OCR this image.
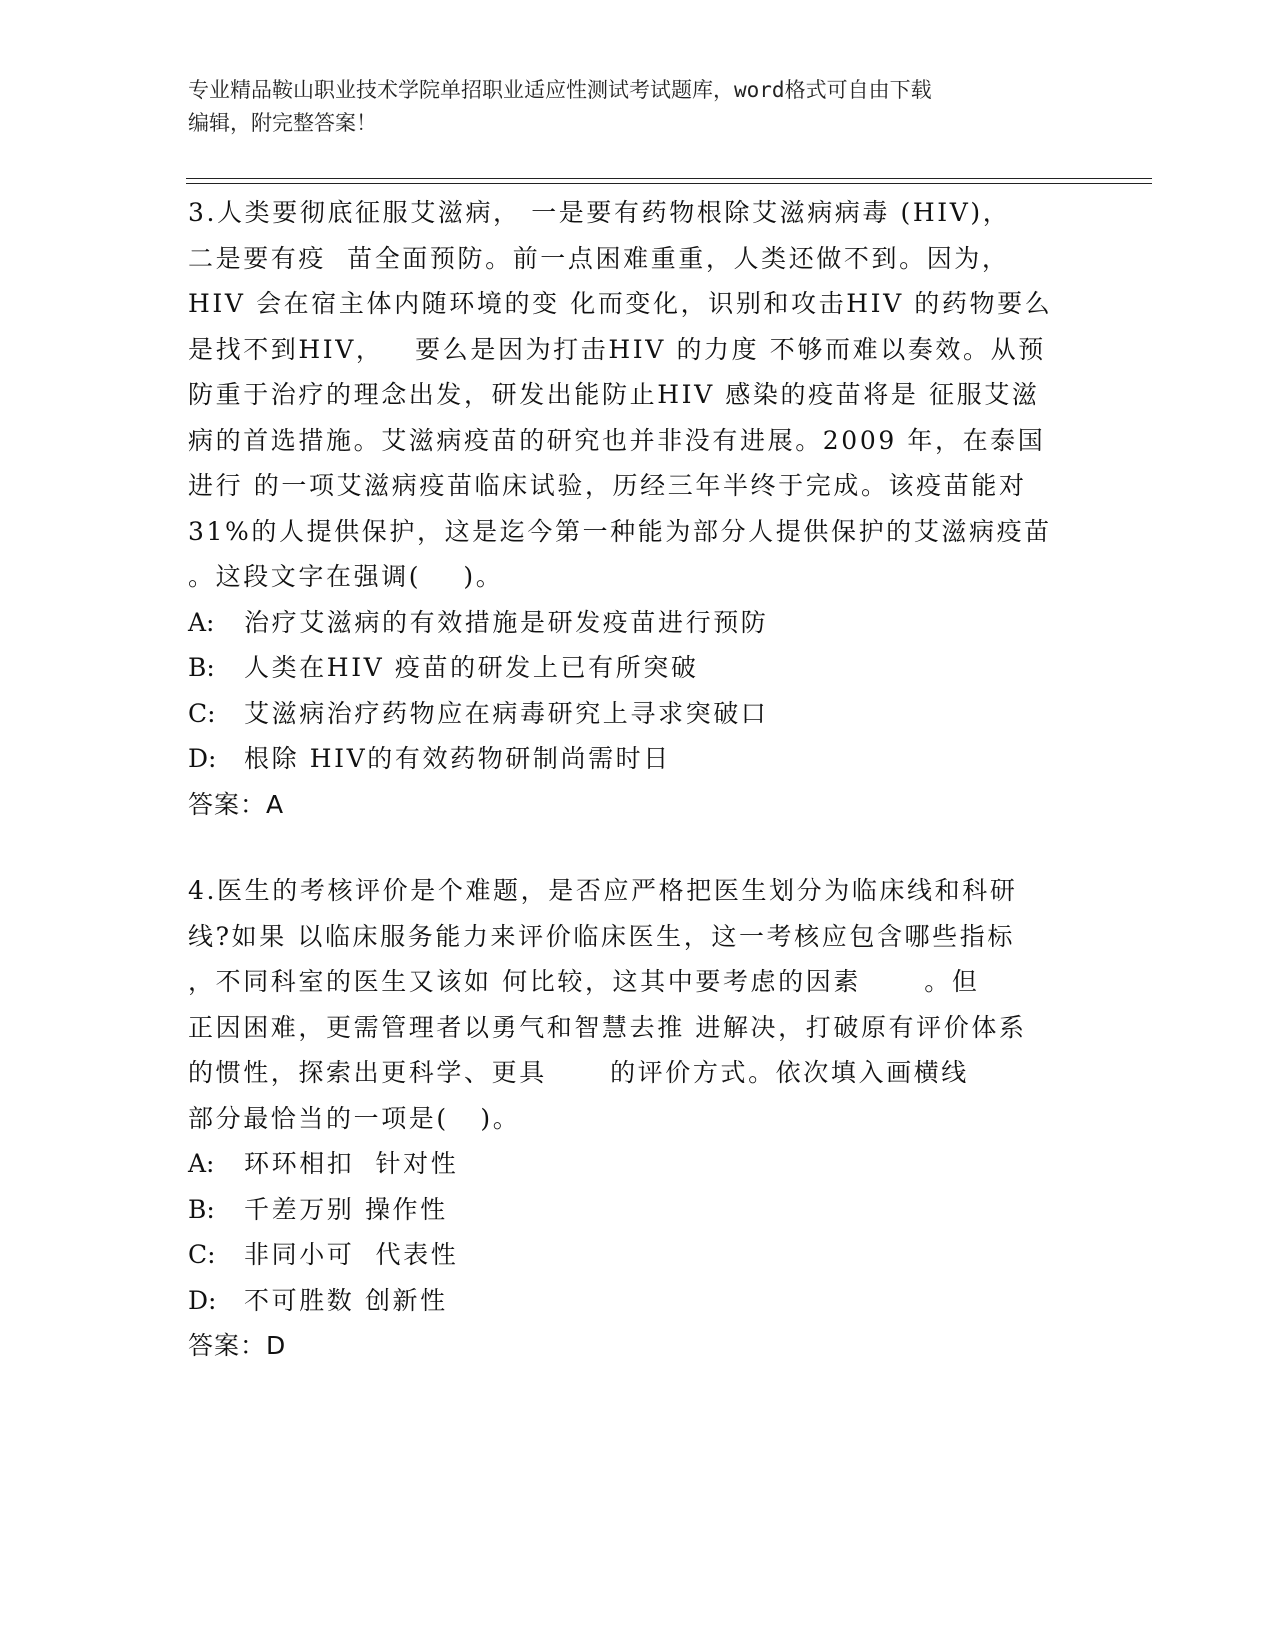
专业精品鞍山职业技术学院单招职业适应性测试考试题库，word格式可自由下载
编辑，附完整答案！
3.人类要彻底征服艾滋病， 一是要有药物根除艾滋病病毒 (HIV)，
二是要有疫  苗全面预防。前一点困难重重，人类还做不到。因为，
HIV 会在宿主体内随环境的变 化而变化，识别和攻击HIV 的药物要么
是找不到HIV，   要么是因为打击HIV 的力度 不够而难以奏效。从预
防重于治疗的理念出发，研发出能防止HIV 感染的疫苗将是 征服艾滋
病的首选措施。艾滋病疫苗的研究也并非没有进展。2009 年，在泰国
进行 的一项艾滋病疫苗临床试验，历经三年半终于完成。该疫苗能对
31%的人提供保护，这是迄今第一种能为部分人提供保护的艾滋病疫苗
。这段文字在强调(    )。
A: 治疗艾滋病的有效措施是研发疫苗进行预防
B: 人类在HIV 疫苗的研发上已有所突破
C: 艾滋病治疗药物应在病毒研究上寻求突破口
D: 根除 HIV的有效药物研制尚需时日
答案：A
4.医生的考核评价是个难题，是否应严格把医生划分为临床线和科研
线?如果 以临床服务能力来评价临床医生，这一考核应包含哪些指标
，不同科室的医生又该如 何比较，这其中要考虑的因素      。但
正因困难，更需管理者以勇气和智慧去推 进解决，打破原有评价体系
的惯性，探索出更科学、更具      的评价方式。依次填入画横线
部分最恰当的一项是(   )。
A: 环环相扣  针对性
B: 千差万别 操作性
C: 非同小可  代表性
D: 不可胜数 创新性
答案：D
